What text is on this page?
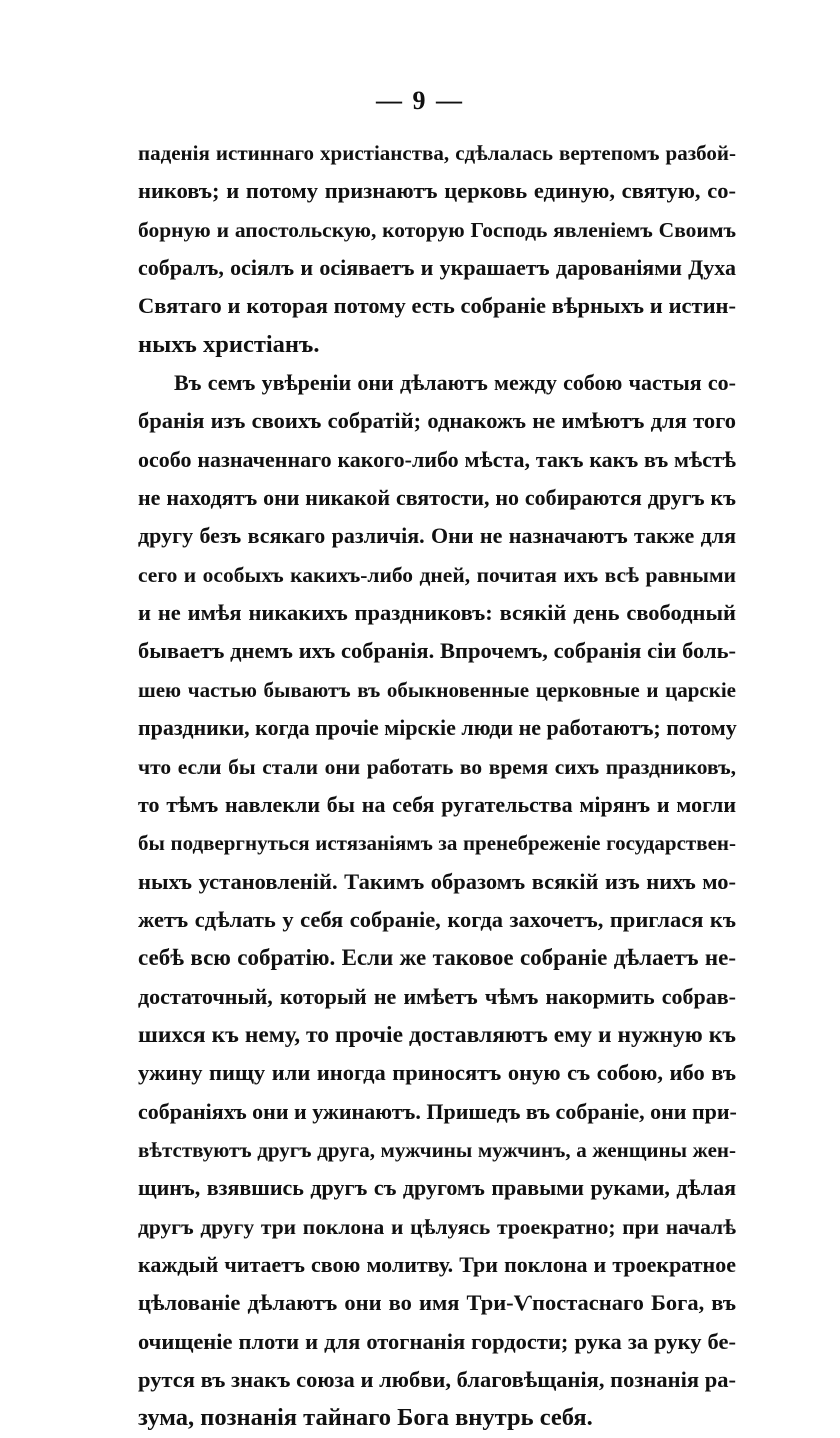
— 9 —
паденія истиннаго христіанства, сдѣлалась вертепомъ разбой-
никовъ; и потому признаютъ церковь единую, святую, со-
борную и апостольскую, которую Господь явленіемъ Своимъ
собралъ, осіялъ и осіяваетъ и украшаетъ дарованіями Духа
Святаго и которая потому есть собраніе вѣрныхъ и истин-
ныхъ христіанъ.
Въ семъ увѣреніи они дѣлаютъ между собою частыя со-
бранія изъ своихъ собратій; однакожъ не имѣютъ для того
особо назначеннаго какого-либо мѣста, такъ какъ въ мѣстѣ
не находятъ они никакой святости, но собираются другъ къ
другу безъ всякаго различія. Они не назначаютъ также для
сего и особыхъ какихъ-либо дней, почитая ихъ всѣ равными
и не имѣя никакихъ праздниковъ: всякій день свободный
бываетъ днемъ ихъ собранія. Впрочемъ, собранія сіи боль-
шею частью бываютъ въ обыкновенные церковные и царскіе
праздники, когда прочіе мірскіе люди не работаютъ; потому
что если бы стали они работать во время сихъ праздниковъ,
то тѣмъ навлекли бы на себя ругательства мірянъ и могли
бы подвергнуться истязаніямъ за пренебреженіе государствен-
ныхъ установленій. Такимъ образомъ всякій изъ нихъ мо-
жетъ сдѣлать у себя собраніе, когда захочетъ, приглася къ
себѣ всю собратію. Если же таковое собраніе дѣлаетъ не-
достаточный, который не имѣетъ чѣмъ накормить собрав-
шихся къ нему, то прочіе доставляютъ ему и нужную къ
ужину пищу или иногда приносятъ оную съ собою, ибо въ
собраніяхъ они и ужинаютъ. Пришедъ въ собраніе, они при-
вѣтствуютъ другъ друга, мужчины мужчинъ, а женщины жен-
щинъ, взявшись другъ съ другомъ правыми руками, дѣлая
другъ другу три поклона и цѣлуясь троекратно; при началѣ
каждый читаетъ свою молитву. Три поклона и троекратное
цѣлованіе дѣлаютъ они во имя Три-Ѵпостаснаго Бога, въ
очищеніе плоти и для отогнанія гордости; рука за руку бе-
рутся въ знакъ союза и любви, благовѣщанія, познанія ра-
зума, познанія тайнаго Бога внутрь себя.
